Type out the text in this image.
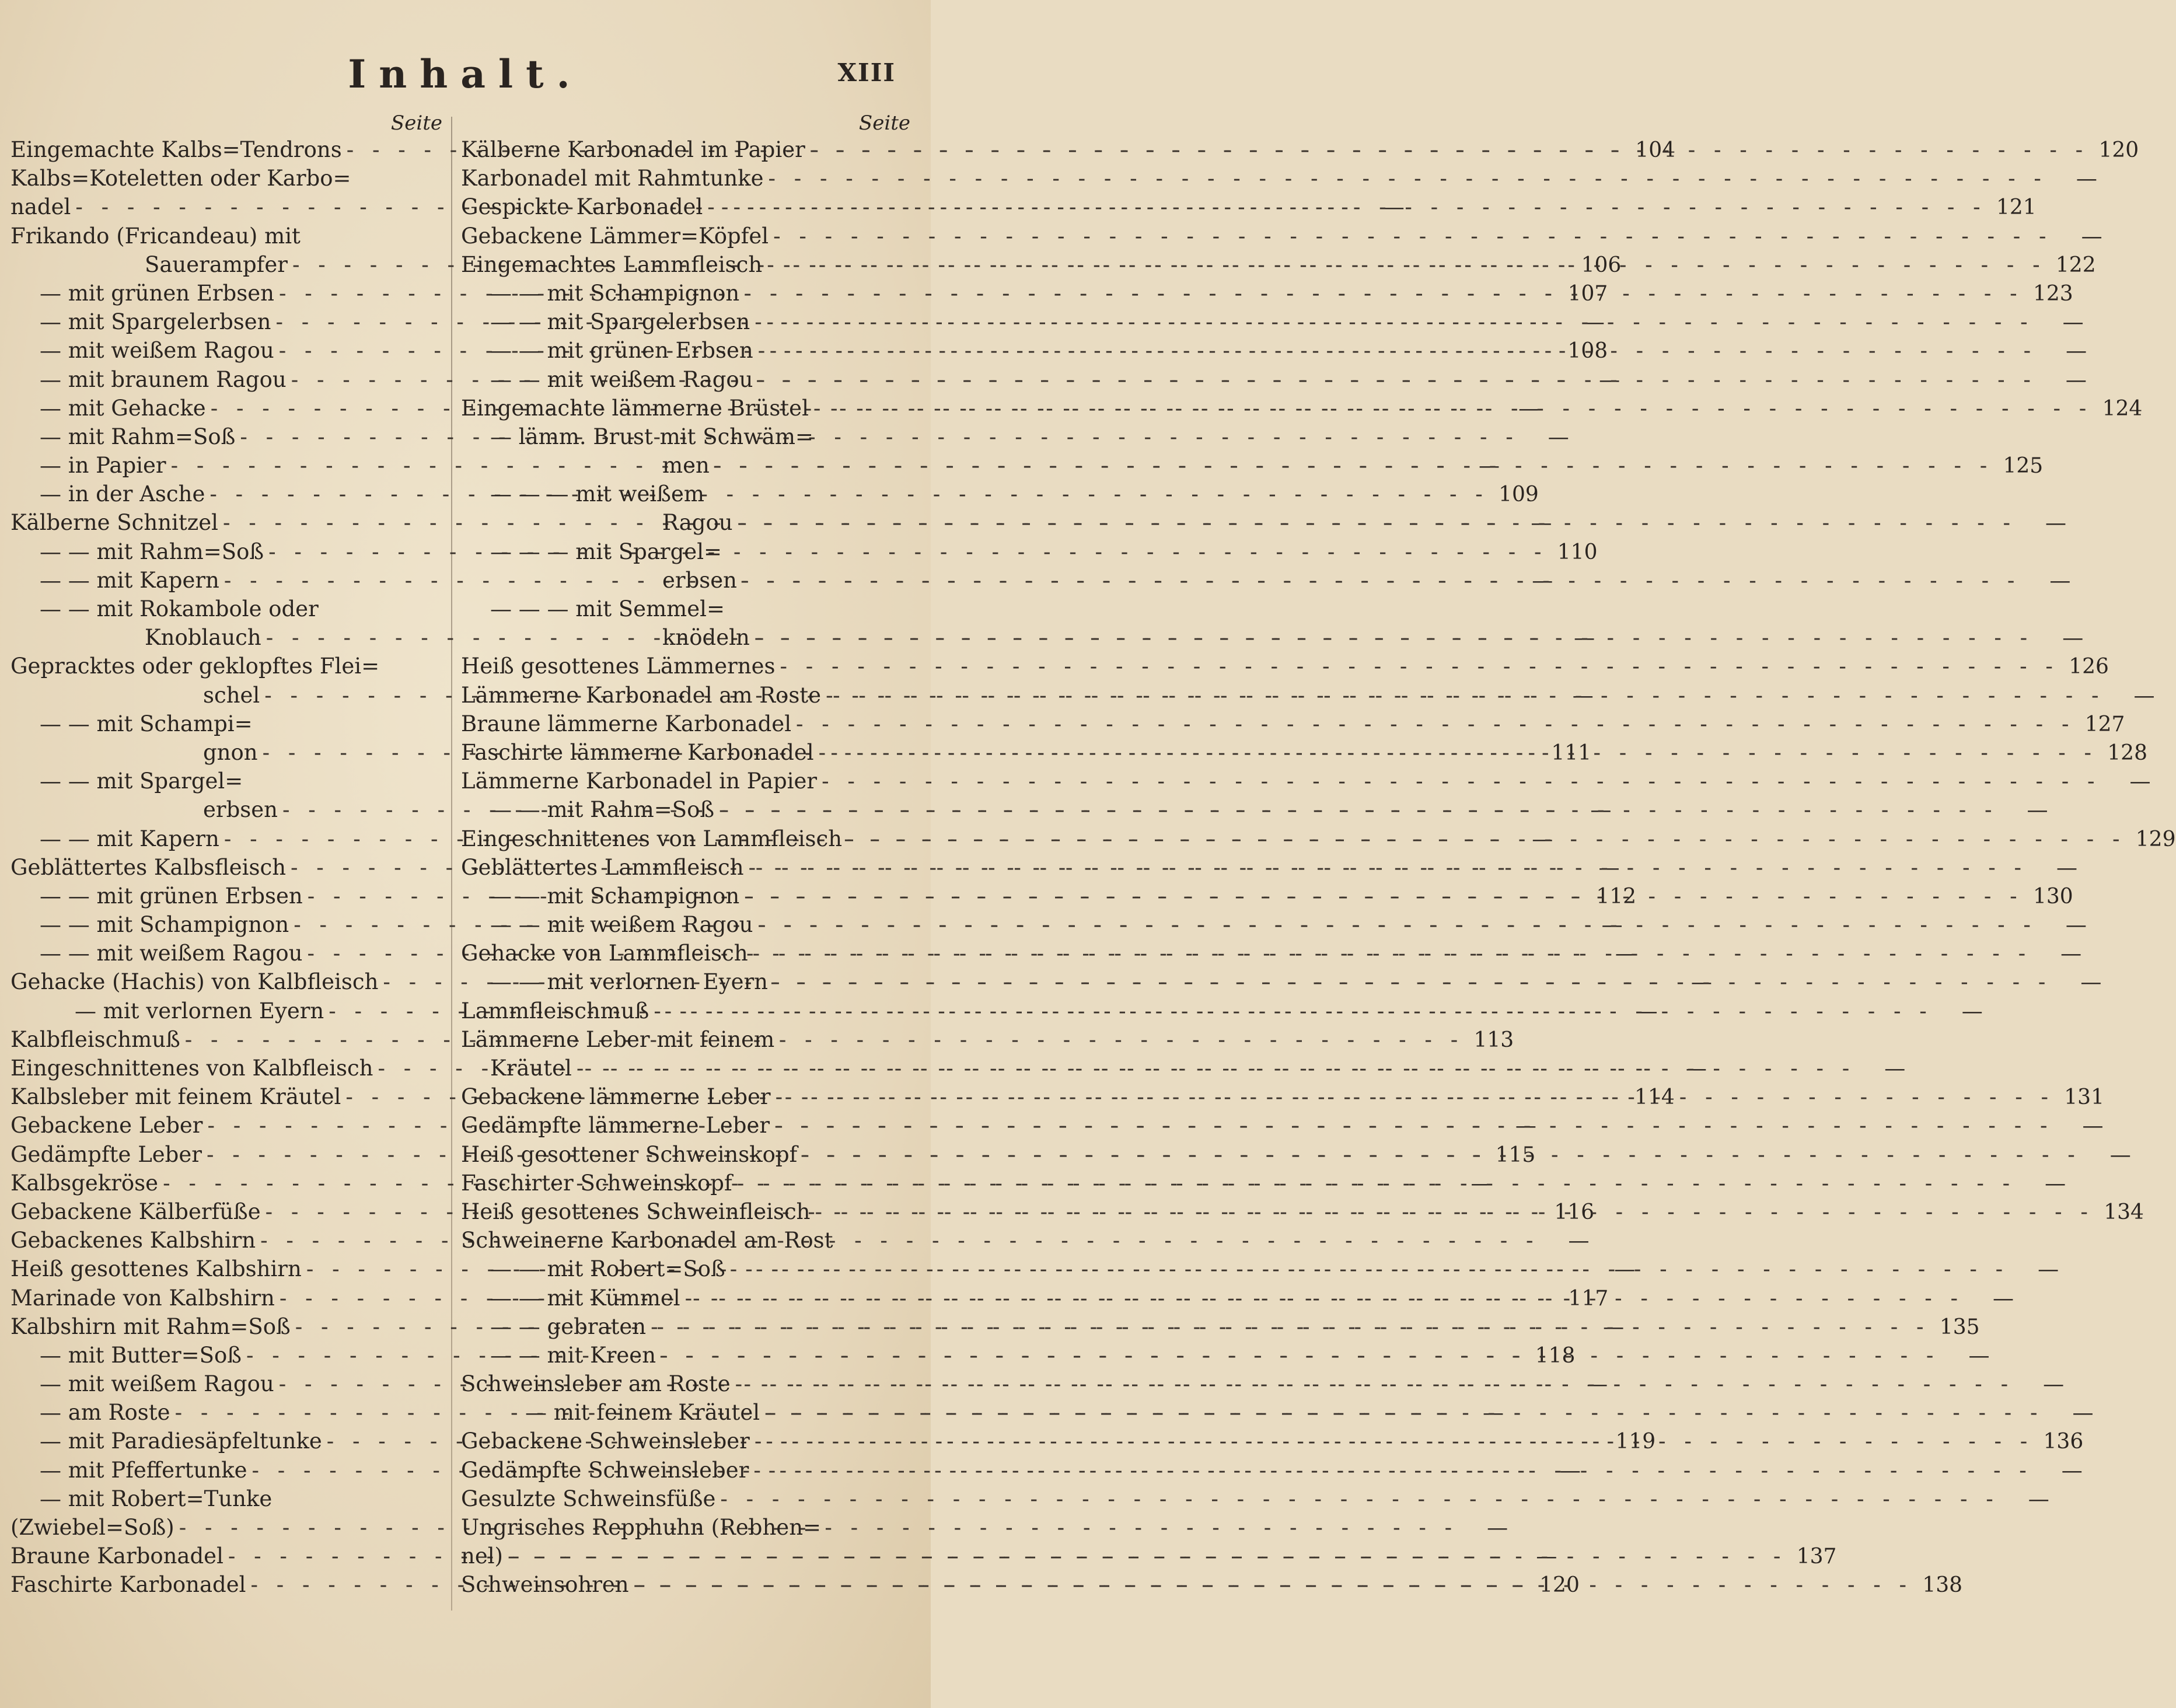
Inhalt.	XIII
Seite
Eingemachte Kalbs=Tendrons - - -	104
Kalbs=Koteletten oder Karbo=
nadel - - -	—
Frikando (Fricandeau) mit
Sauerampfer - - -	106
— mit grünen Erbsen - - -	107
— mit Spargelerbsen - - -	—
— mit weißem Ragou - - -	108
— mit braunem Ragou - - -	—
— mit Gehacke - - -	—
— mit Rahm=Soß - - -	—
— in Papier - - -	—
— in der Asche - - -	109
Kälberne Schnitzel - - -	—
— — mit Rahm=Soß - - -	110
— — mit Kapern - - -	—
— — mit Rokambole oder
Knoblauch - - -	—
Gepracktes oder geklopftes Flei=
schel - - -	—
— — mit Schampi=
gnon - - -	111
— — mit Spargel=
erbsen - - -	—
— — mit Kapern - - -	—
Geblättertes Kalbsfleisch - - -	—
— — mit grünen Erbsen - - -	112
— — mit Schampignon - - -	—
— — mit weißem Ragou - - -	—
Gehacke (Hachis) von Kalbfleisch - - -	—
— mit verlornen Eyern - - -	—
Kalbfleischmuß - - -	113
Eingeschnittenes von Kalbfleisch - - -	—
Kalbsleber mit feinem Kräutel - - -	114
Gebackene Leber - - -	—
Gedämpfte Leber - - -	115
Kalbsgekröse - - -	—
Gebackene Kälberfüße - - -	116
Gebackenes Kalbshirn - - -	—
Heiß gesottenes Kalbshirn - - -	—
Marinade von Kalbshirn - - -	117
Kalbshirn mit Rahm=Soß - - -	—
— mit Butter=Soß - - -	118
— mit weißem Ragou - - -	—
— am Roste - - -	—
— mit Paradiesäpfeltunke - - -	119
— mit Pfeffertunke - - -	—
— mit Robert=Tunke
(Zwiebel=Soß) - - -	—
Braune Karbonadel - - -	—
Faschirte Karbonadel - - -	120
Seite
Kälberne Karbonadel im Papier - - -	120
Karbonadel mit Rahmtunke - - -	—
Gespickte Karbonadel - - -	121
Gebackene Lämmer=Köpfel - - -	—
Eingemachtes Lammfleisch - - -	122
— — mit Schampignon - - -	123
— — mit Spargelerbsen - - -	—
— — mit grünen Erbsen - - -	—
— — mit weißem Ragou - - -	—
Eingemachte lämmerne Brüstel - - -	124
— lämm. Brust mit Schwäm=
men - - -	125
— — — mit weißem
Ragou - - -	—
— — — mit Spargel=
erbsen - - -	—
— — — mit Semmel=
knödeln - - -	—
Heiß gesottenes Lämmernes - - -	126
Lämmerne Karbonadel am Roste - - -	—
Braune lämmerne Karbonadel - - -	127
Faschirte lämmerne Karbonadel - - -	128
Lämmerne Karbonadel in Papier - - -	—
— — mit Rahm=Soß - - -	—
Eingeschnittenes von Lammfleisch - - -	129
Geblättertes Lammfleisch - - -	—
— — mit Schampignon - - -	130
— — mit weißem Ragou - - -	—
Gehacke von Lammfleisch - - -	—
— — mit verlornen Eyern - - -	—
Lammfleischmuß - - -	—
Lämmerne Leber mit feinem
Kräutel - - -	—
Gebackene lämmerne Leber - - -	131
Gedämpfte lämmerne Leber - - -	—
Heiß gesottener Schweinskopf - - -	—
Faschirter Schweinskopf - - -	—
Heiß gesottenes Schweinfleisch - - -	134
Schweinerne Karbonadel am Rost
— — mit Robert=Soß - - -	—
— — mit Kümmel - - -	—
— — gebraten - - -	135
— — mit Kreen - - -	—
Schweinsleber am Roste - - -	—
— mit feinem Kräutel - - -	—
Gebackene Schweinsleber - - -	136
Gedämpfte Schweinsleber - - -	—
Gesulzte Schweinsfüße - - -	—
Ungrisches Repphuhn (Rebhen=
nel) - - -	137
Schweinsohren - - -	138
